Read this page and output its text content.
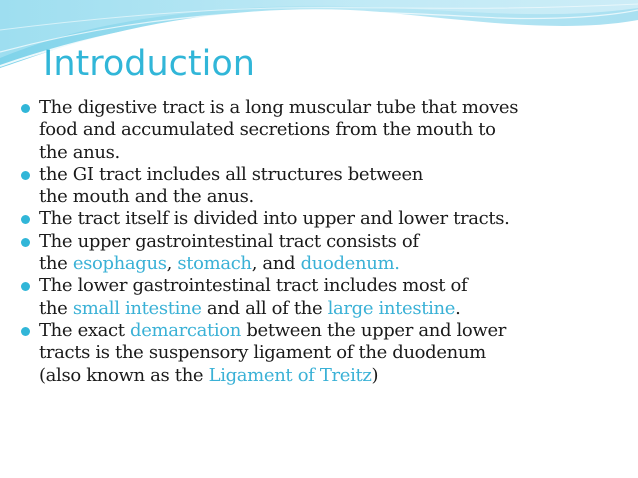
Introduction
The digestive tract is a long muscular tube that moves
food and accumulated secretions from the mouth to
the anus.
the GI tract includes all structures between
the mouth and the anus.
The tract itself is divided into upper and lower tracts.
The upper gastrointestinal tract consists of
the esophagus, stomach, and duodenum.
The lower gastrointestinal tract includes most of
the small intestine and all of the large intestine.
The exact demarcation between the upper and lower
tracts is the suspensory ligament of the duodenum
(also known as the Ligament of Treitz)
